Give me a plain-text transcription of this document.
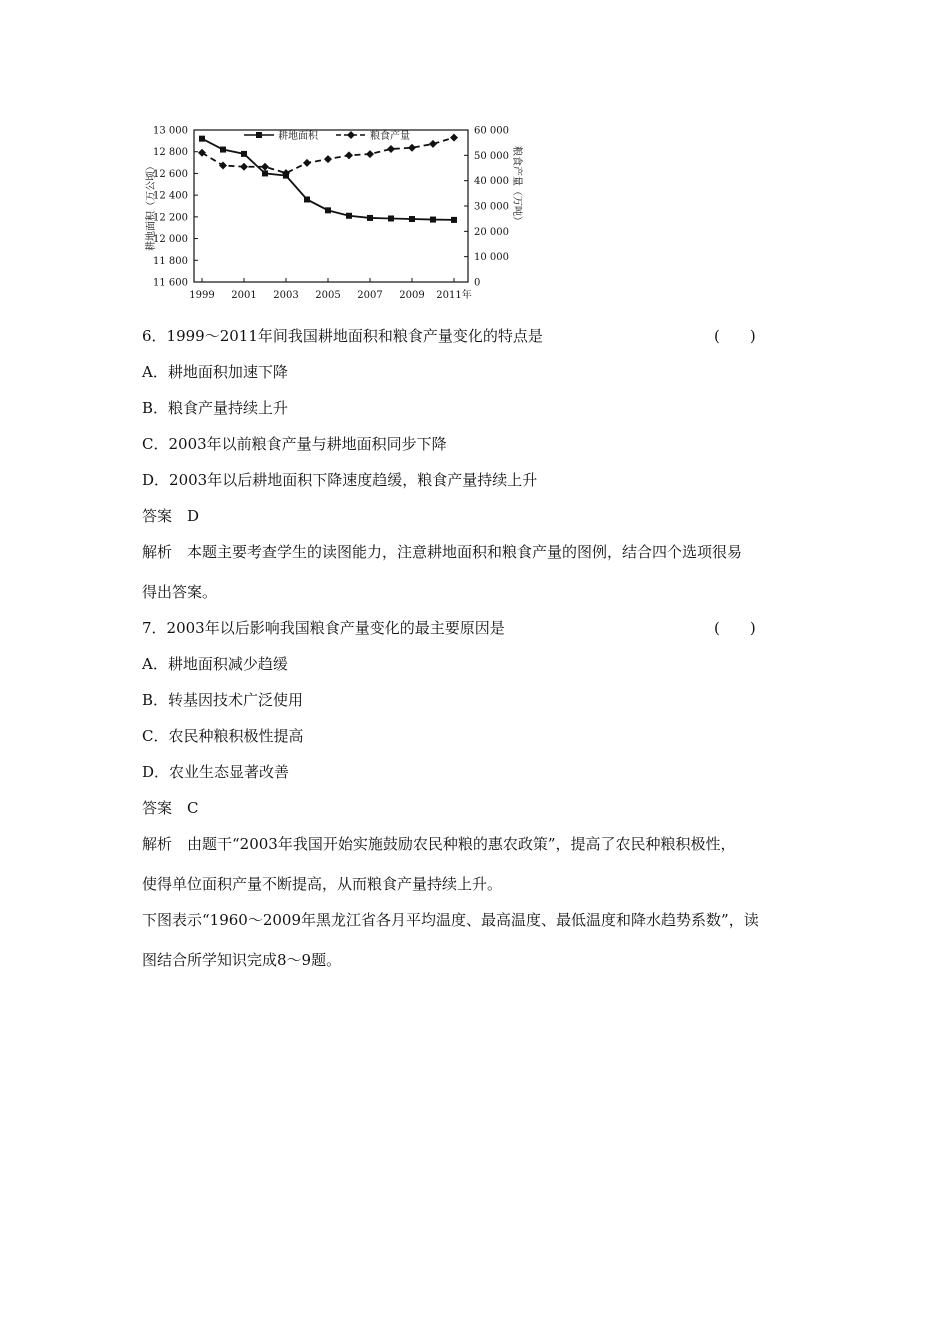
耕地面积（万公顷）	粮食产量（万吨）
13 000
12 800
12 600
12 400
12 200
12 000
11 800
11 600
60 000
50 000
40 000
30 000
20 000
10 000
0
1999 2001 2003 2005 2007 2009 2011年
耕地面积	粮食产量
6．1999～2011年间我国耕地面积和粮食产量变化的特点是
A．耕地面积加速下降
B．粮食产量持续上升
C．2003年以前粮食产量与耕地面积同步下降
D．2003年以后耕地面积下降速度趋缓，粮食产量持续上升
答案　D
解析　本题主要考查学生的读图能力，注意耕地面积和粮食产量的图例，结合四个选项很易
得出答案。
7．2003年以后影响我国粮食产量变化的最主要原因是
A．耕地面积减少趋缓
B．转基因技术广泛使用
C．农民种粮积极性提高
D．农业生态显著改善
答案　C
解析　由题干“2003年我国开始实施鼓励农民种粮的惠农政策”，提高了农民种粮积极性，
使得单位面积产量不断提高，从而粮食产量持续上升。
下图表示“1960～2009年黑龙江省各月平均温度、最高温度、最低温度和降水趋势系数”，读
图结合所学知识完成8～9题。
(　　)
(　　)
